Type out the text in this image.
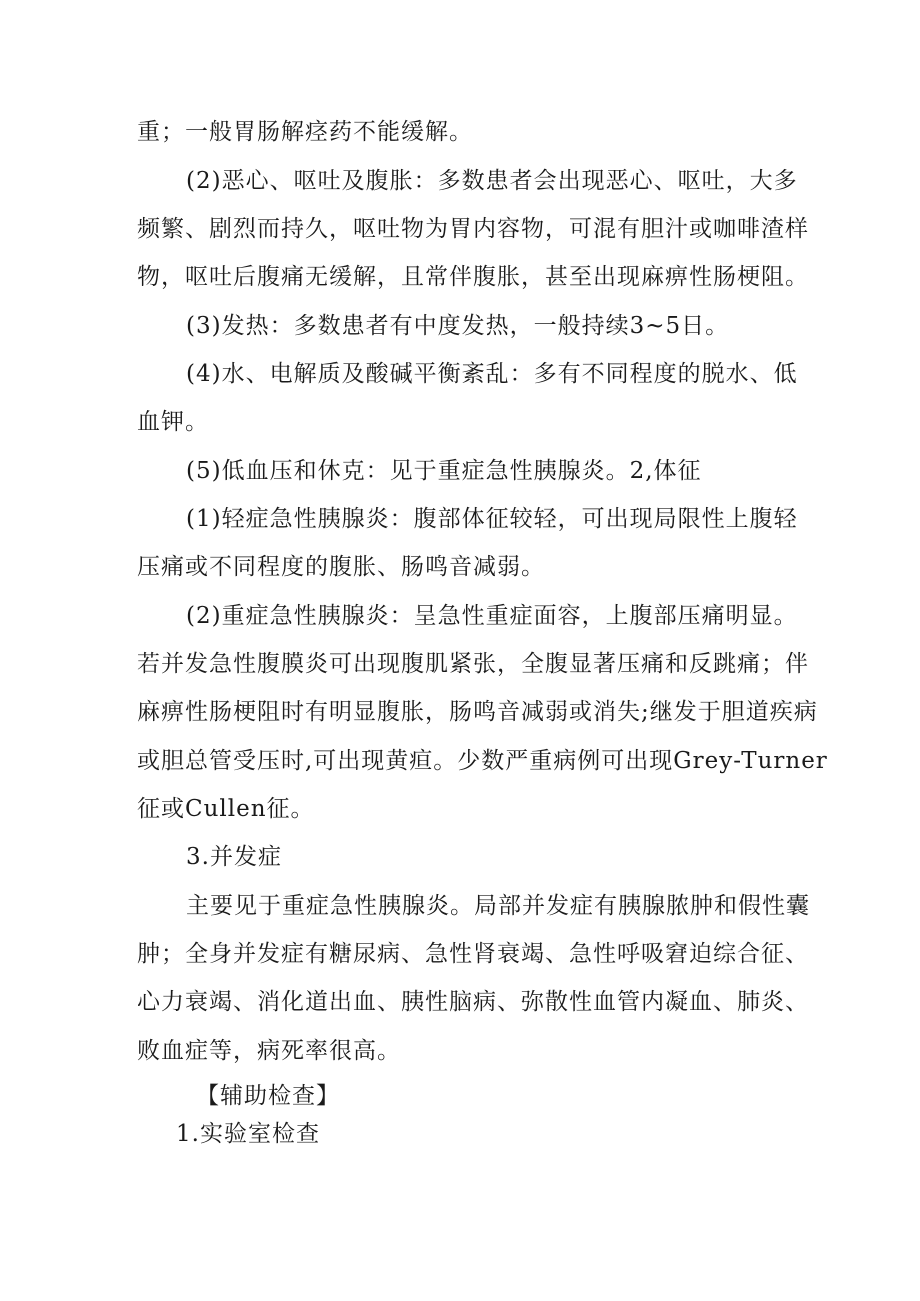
重；一般胃肠解痉药不能缓解。
(2)恶心、呕吐及腹胀：多数患者会出现恶心、呕吐，大多
频繁、剧烈而持久，呕吐物为胃内容物，可混有胆汁或咖啡渣样
物，呕吐后腹痛无缓解，且常伴腹胀，甚至出现麻痹性肠梗阻。
(3)发热：多数患者有中度发热，一般持续3~5日。
(4)水、电解质及酸碱平衡紊乱：多有不同程度的脱水、低
血钾。
(5)低血压和休克：见于重症急性胰腺炎。2,体征
(1)轻症急性胰腺炎：腹部体征较轻，可出现局限性上腹轻
压痛或不同程度的腹胀、肠鸣音减弱。
(2)重症急性胰腺炎：呈急性重症面容，上腹部压痛明显。
若并发急性腹膜炎可出现腹肌紧张，全腹显著压痛和反跳痛；伴
麻痹性肠梗阻时有明显腹胀，肠鸣音减弱或消失;继发于胆道疾病
或胆总管受压时,可出现黄疸。少数严重病例可出现Grey-Turner
征或Cullen征。
3.并发症
主要见于重症急性胰腺炎。局部并发症有胰腺脓肿和假性囊
肿；全身并发症有糖尿病、急性肾衰竭、急性呼吸窘迫综合征、
心力衰竭、消化道出血、胰性脑病、弥散性血管内凝血、肺炎、
败血症等，病死率很高。
【辅助检查】
1.实验室检查
